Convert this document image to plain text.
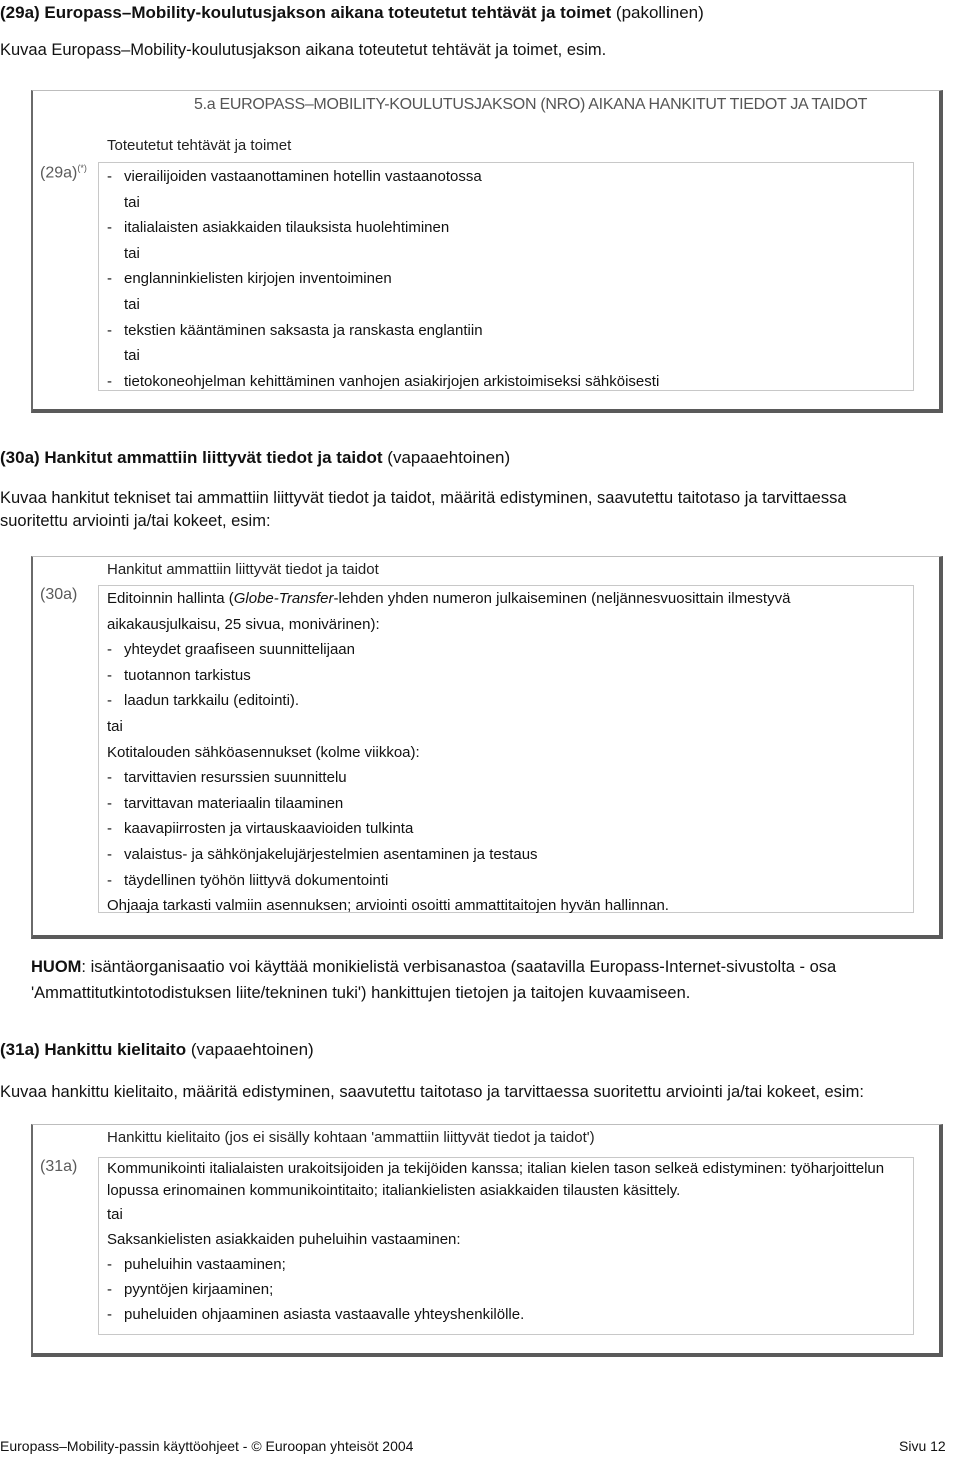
(29a) Europass–Mobility-koulutusjakson aikana toteutetut tehtävät ja toimet (pakollinen)
Kuvaa Europass–Mobility-koulutusjakson aikana toteutetut tehtävät ja toimet, esim.
5.a EUROPASS–MOBILITY-KOULUTUSJAKSON (NRO) AIKANA HANKITUT TIEDOT JA TAIDOT
(29a)(*)
Toteutetut tehtävät ja toimet
- vierailijoiden vastaanottaminen hotellin vastaanotossa
tai
- italialaisten asiakkaiden tilauksista huolehtiminen
tai
- englanninkielisten kirjojen inventoiminen
tai
- tekstien kääntäminen saksasta ja ranskasta englantiin
tai
- tietokoneohjelman kehittäminen vanhojen asiakirjojen arkistoimiseksi sähköisesti
(30a) Hankitut ammattiin liittyvät tiedot ja taidot (vapaaehtoinen)
Kuvaa hankitut tekniset tai ammattiin liittyvät tiedot ja taidot, määritä edistyminen, saavutettu taitotaso ja tarvittaessa
suoritettu arviointi ja/tai kokeet, esim:
(30a)
Hankitut ammattiin liittyvät tiedot ja taidot
Editoinnin hallinta (Globe-Transfer-lehden yhden numeron julkaiseminen (neljännesvuosittain ilmestyvä
aikakausjulkaisu, 25 sivua, monivärinen):
- yhteydet graafiseen suunnittelijaan
- tuotannon tarkistus
- laadun tarkkailu (editointi).
tai
Kotitalouden sähköasennukset (kolme viikkoa):
- tarvittavien resurssien suunnittelu
- tarvittavan materiaalin tilaaminen
- kaavapiirrosten ja virtauskaavioiden tulkinta
- valaistus- ja sähkönjakelujärjestelmien asentaminen ja testaus
- täydellinen työhön liittyvä dokumentointi
Ohjaaja tarkasti valmiin asennuksen; arviointi osoitti ammattitaitojen hyvän hallinnan.
HUOM: isäntäorganisaatio voi käyttää monikielistä verbisanastoa (saatavilla Europass-Internet-sivustolta - osa
'Ammattitutkintotodistuksen liite/tekninen tuki') hankittujen tietojen ja taitojen kuvaamiseen.
(31a) Hankittu kielitaito (vapaaehtoinen)
Kuvaa hankittu kielitaito, määritä edistyminen, saavutettu taitotaso ja tarvittaessa suoritettu arviointi ja/tai kokeet, esim:
(31a)
Hankittu kielitaito (jos ei sisälly kohtaan 'ammattiin liittyvät tiedot ja taidot')
Kommunikointi italialaisten urakoitsijoiden ja tekijöiden kanssa; italian kielen tason selkeä edistyminen: työharjoittelun
lopussa erinomainen kommunikointitaito; italiankielisten asiakkaiden tilausten käsittely.
tai
Saksankielisten asiakkaiden puheluihin vastaaminen:
- puheluihin vastaaminen;
- pyyntöjen kirjaaminen;
- puheluiden ohjaaminen asiasta vastaavalle yhteyshenkilölle.
Europass–Mobility-passin käyttöohjeet - © Euroopan yhteisöt 2004	Sivu 12
